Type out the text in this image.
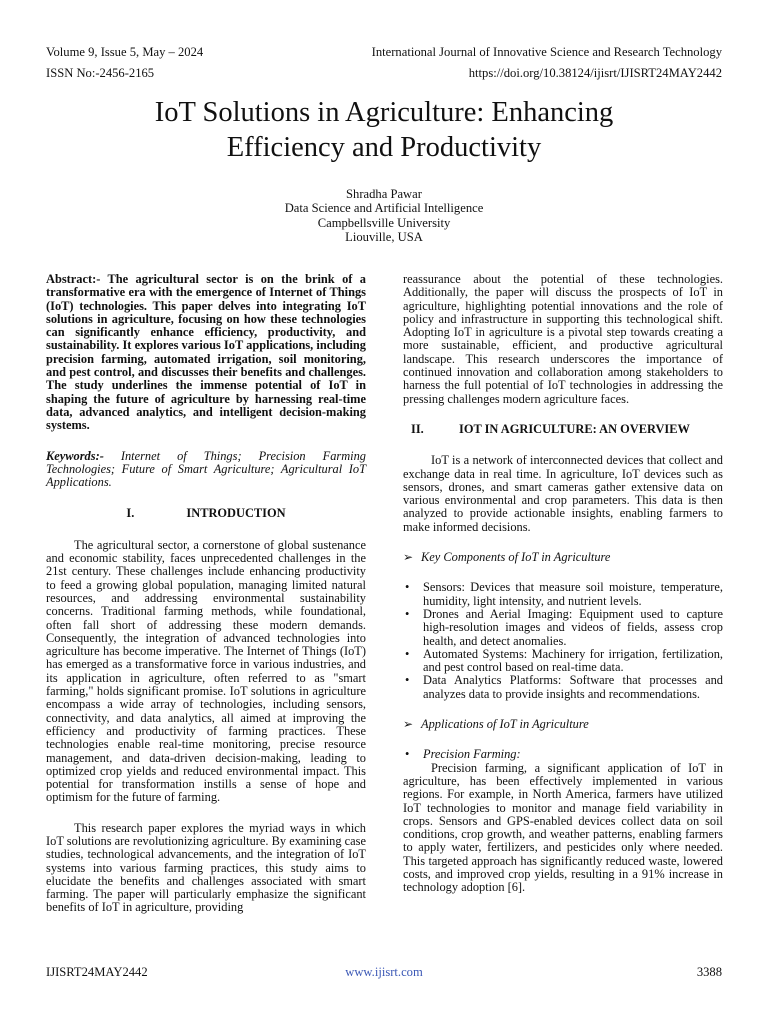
Volume 9, Issue 5, May – 2024	International Journal of Innovative Science and Research Technology
ISSN No:-2456-2165	https://doi.org/10.38124/ijisrt/IJISRT24MAY2442
IoT Solutions in Agriculture: Enhancing
Efficiency and Productivity
Shradha Pawar
Data Science and Artificial Intelligence
Campbellsville University
Liouville, USA

Abstract:- The agricultural sector is on the brink of a transformative era with the emergence of Internet of Things (IoT) technologies. This paper delves into integrating IoT solutions in agriculture, focusing on how these technologies can significantly enhance efficiency, productivity, and sustainability. It explores various IoT applications, including precision farming, automated irrigation, soil monitoring, and pest control, and discusses their benefits and challenges. The study underlines the immense potential of IoT in shaping the future of agriculture by harnessing real-time data, advanced analytics, and intelligent decision-making systems.

Keywords:- Internet of Things; Precision Farming Technologies; Future of Smart Agriculture; Agricultural IoT Applications.

I.	INTRODUCTION

The agricultural sector, a cornerstone of global sustenance and economic stability, faces unprecedented challenges in the 21st century. These challenges include enhancing productivity to feed a growing global population, managing limited natural resources, and addressing environmental sustainability concerns. Traditional farming methods, while foundational, often fall short of addressing these modern demands. Consequently, the integration of advanced technologies into agriculture has become imperative. The Internet of Things (IoT) has emerged as a transformative force in various industries, and its application in agriculture, often referred to as "smart farming," holds significant promise. IoT solutions in agriculture encompass a wide array of technologies, including sensors, connectivity, and data analytics, all aimed at improving the efficiency and productivity of farming practices. These technologies enable real-time monitoring, precise resource management, and data-driven decision-making, leading to optimized crop yields and reduced environmental impact. This potential for transformation instills a sense of hope and optimism for the future of farming.

This research paper explores the myriad ways in which IoT solutions are revolutionizing agriculture. By examining case studies, technological advancements, and the integration of IoT systems into various farming practices, this study aims to elucidate the benefits and challenges associated with smart farming. The paper will particularly emphasize the significant benefits of IoT in agriculture, providing

reassurance about the potential of these technologies. Additionally, the paper will discuss the prospects of IoT in agriculture, highlighting potential innovations and the role of policy and infrastructure in supporting this technological shift. Adopting IoT in agriculture is a pivotal step towards creating a more sustainable, efficient, and productive agricultural landscape. This research underscores the importance of continued innovation and collaboration among stakeholders to harness the full potential of IoT technologies in addressing the pressing challenges modern agriculture faces.

II.	IOT IN AGRICULTURE: AN OVERVIEW

IoT is a network of interconnected devices that collect and exchange data in real time. In agriculture, IoT devices such as sensors, drones, and smart cameras gather extensive data on various environmental and crop parameters. This data is then analyzed to provide actionable insights, enabling farmers to make informed decisions.

➢ Key Components of IoT in Agriculture
• Sensors: Devices that measure soil moisture, temperature, humidity, light intensity, and nutrient levels.
• Drones and Aerial Imaging: Equipment used to capture high-resolution images and videos of fields, assess crop health, and detect anomalies.
• Automated Systems: Machinery for irrigation, fertilization, and pest control based on real-time data.
• Data Analytics Platforms: Software that processes and analyzes data to provide insights and recommendations.
➢ Applications of IoT in Agriculture
• Precision Farming:

Precision farming, a significant application of IoT in agriculture, has been effectively implemented in various regions. For example, in North America, farmers have utilized IoT technologies to monitor and manage field variability in crops. Sensors and GPS-enabled devices collect data on soil conditions, crop growth, and weather patterns, enabling farmers to apply water, fertilizers, and pesticides only where needed. This targeted approach has significantly reduced waste, lowered costs, and improved crop yields, resulting in a 91% increase in technology adoption [6].

IJISRT24MAY2442	www.ijisrt.com	3388
